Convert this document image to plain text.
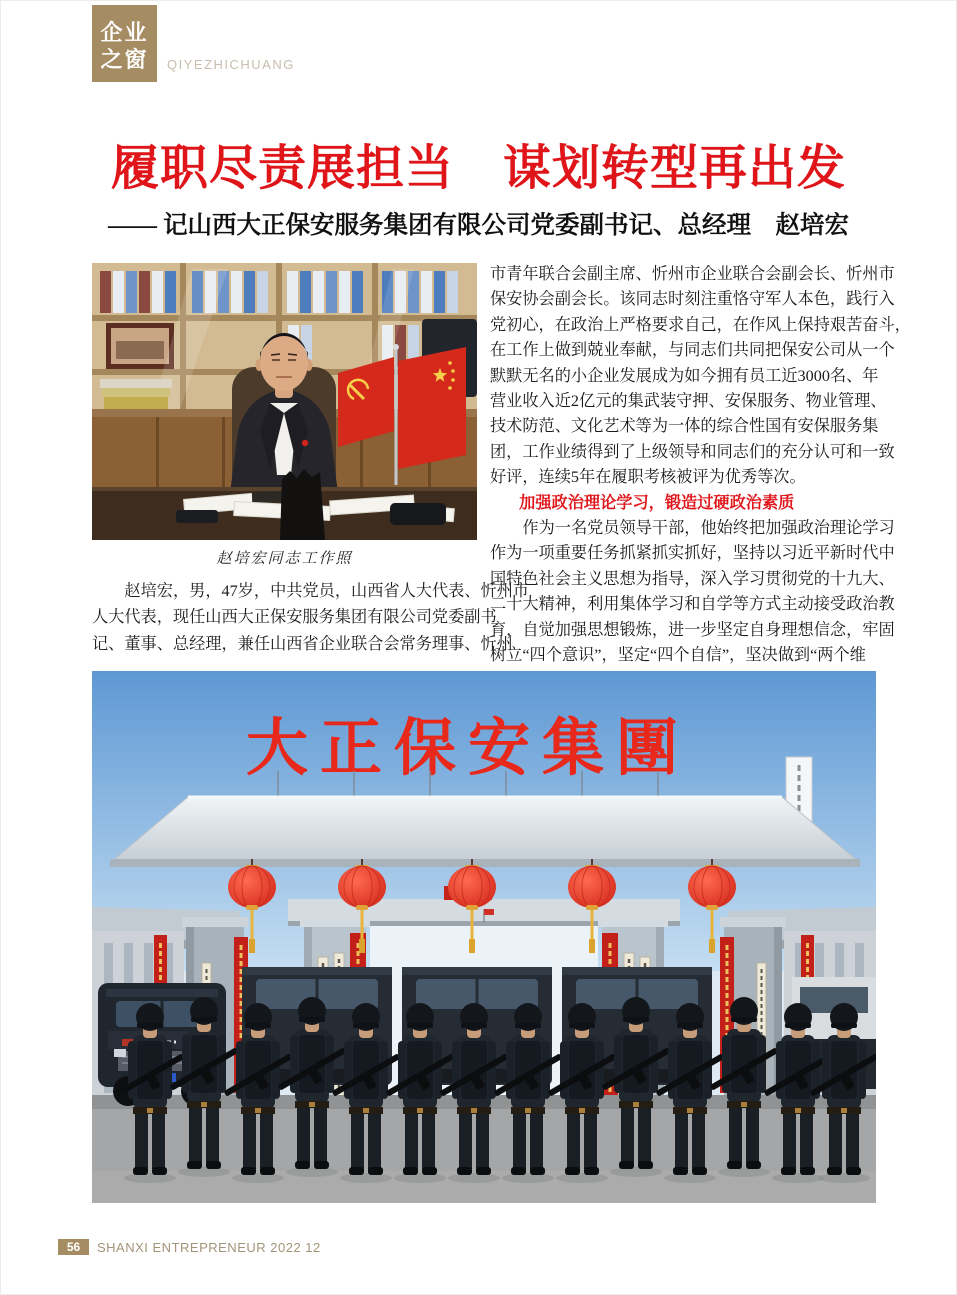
企业
之窗	QIYEZHICHUANG
履职尽责展担当　谋划转型再出发
—— 记山西大正保安服务集团有限公司党委副书记、总经理　赵培宏
赵培宏同志工作照
赵培宏，男，47岁，中共党员，山西省人大代表、忻州市
人大代表，现任山西大正保安服务集团有限公司党委副书
记、董事、总经理，兼任山西省企业联合会常务理事、忻州
市青年联合会副主席、忻州市企业联合会副会长、忻州市
保安协会副会长。该同志时刻注重恪守军人本色，践行入
党初心，在政治上严格要求自己，在作风上保持艰苦奋斗，
在工作上做到兢业奉献，与同志们共同把保安公司从一个
默默无名的小企业发展成为如今拥有员工近3000名、年
营业收入近2亿元的集武装守押、安保服务、物业管理、
技术防范、文化艺术等为一体的综合性国有安保服务集
团，工作业绩得到了上级领导和同志们的充分认可和一致
好评，连续5年在履职考核被评为优秀等次。
加强政治理论学习，锻造过硬政治素质
作为一名党员领导干部，他始终把加强政治理论学习
作为一项重要任务抓紧抓实抓好，坚持以习近平新时代中
国特色社会主义思想为指导，深入学习贯彻党的十九大、
二十大精神，利用集体学习和自学等方式主动接受政治教
育，自觉加强思想锻炼，进一步坚定自身理想信念，牢固
树立“四个意识”，坚定“四个自信”，坚决做到“两个维
大正保安集團
56	SHANXI ENTREPRENEUR 2022 12
